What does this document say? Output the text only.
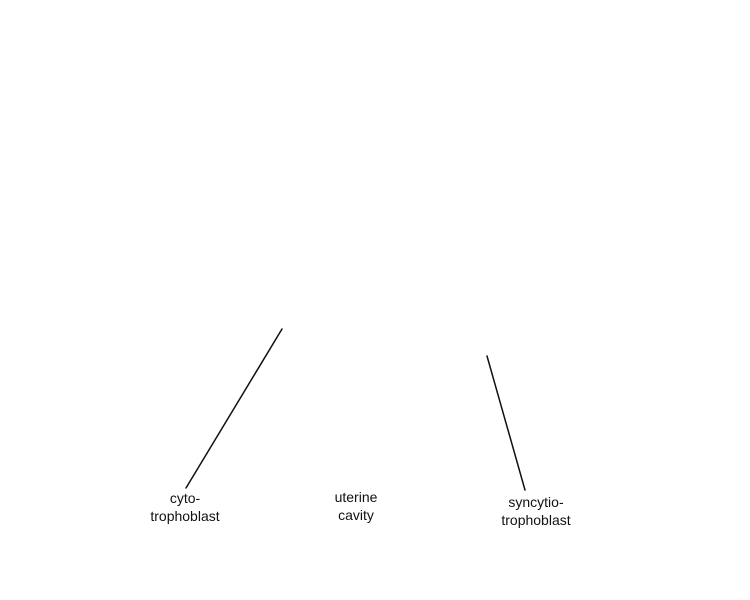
cyto-
trophoblast
uterine
cavity
syncytio-
trophoblast
